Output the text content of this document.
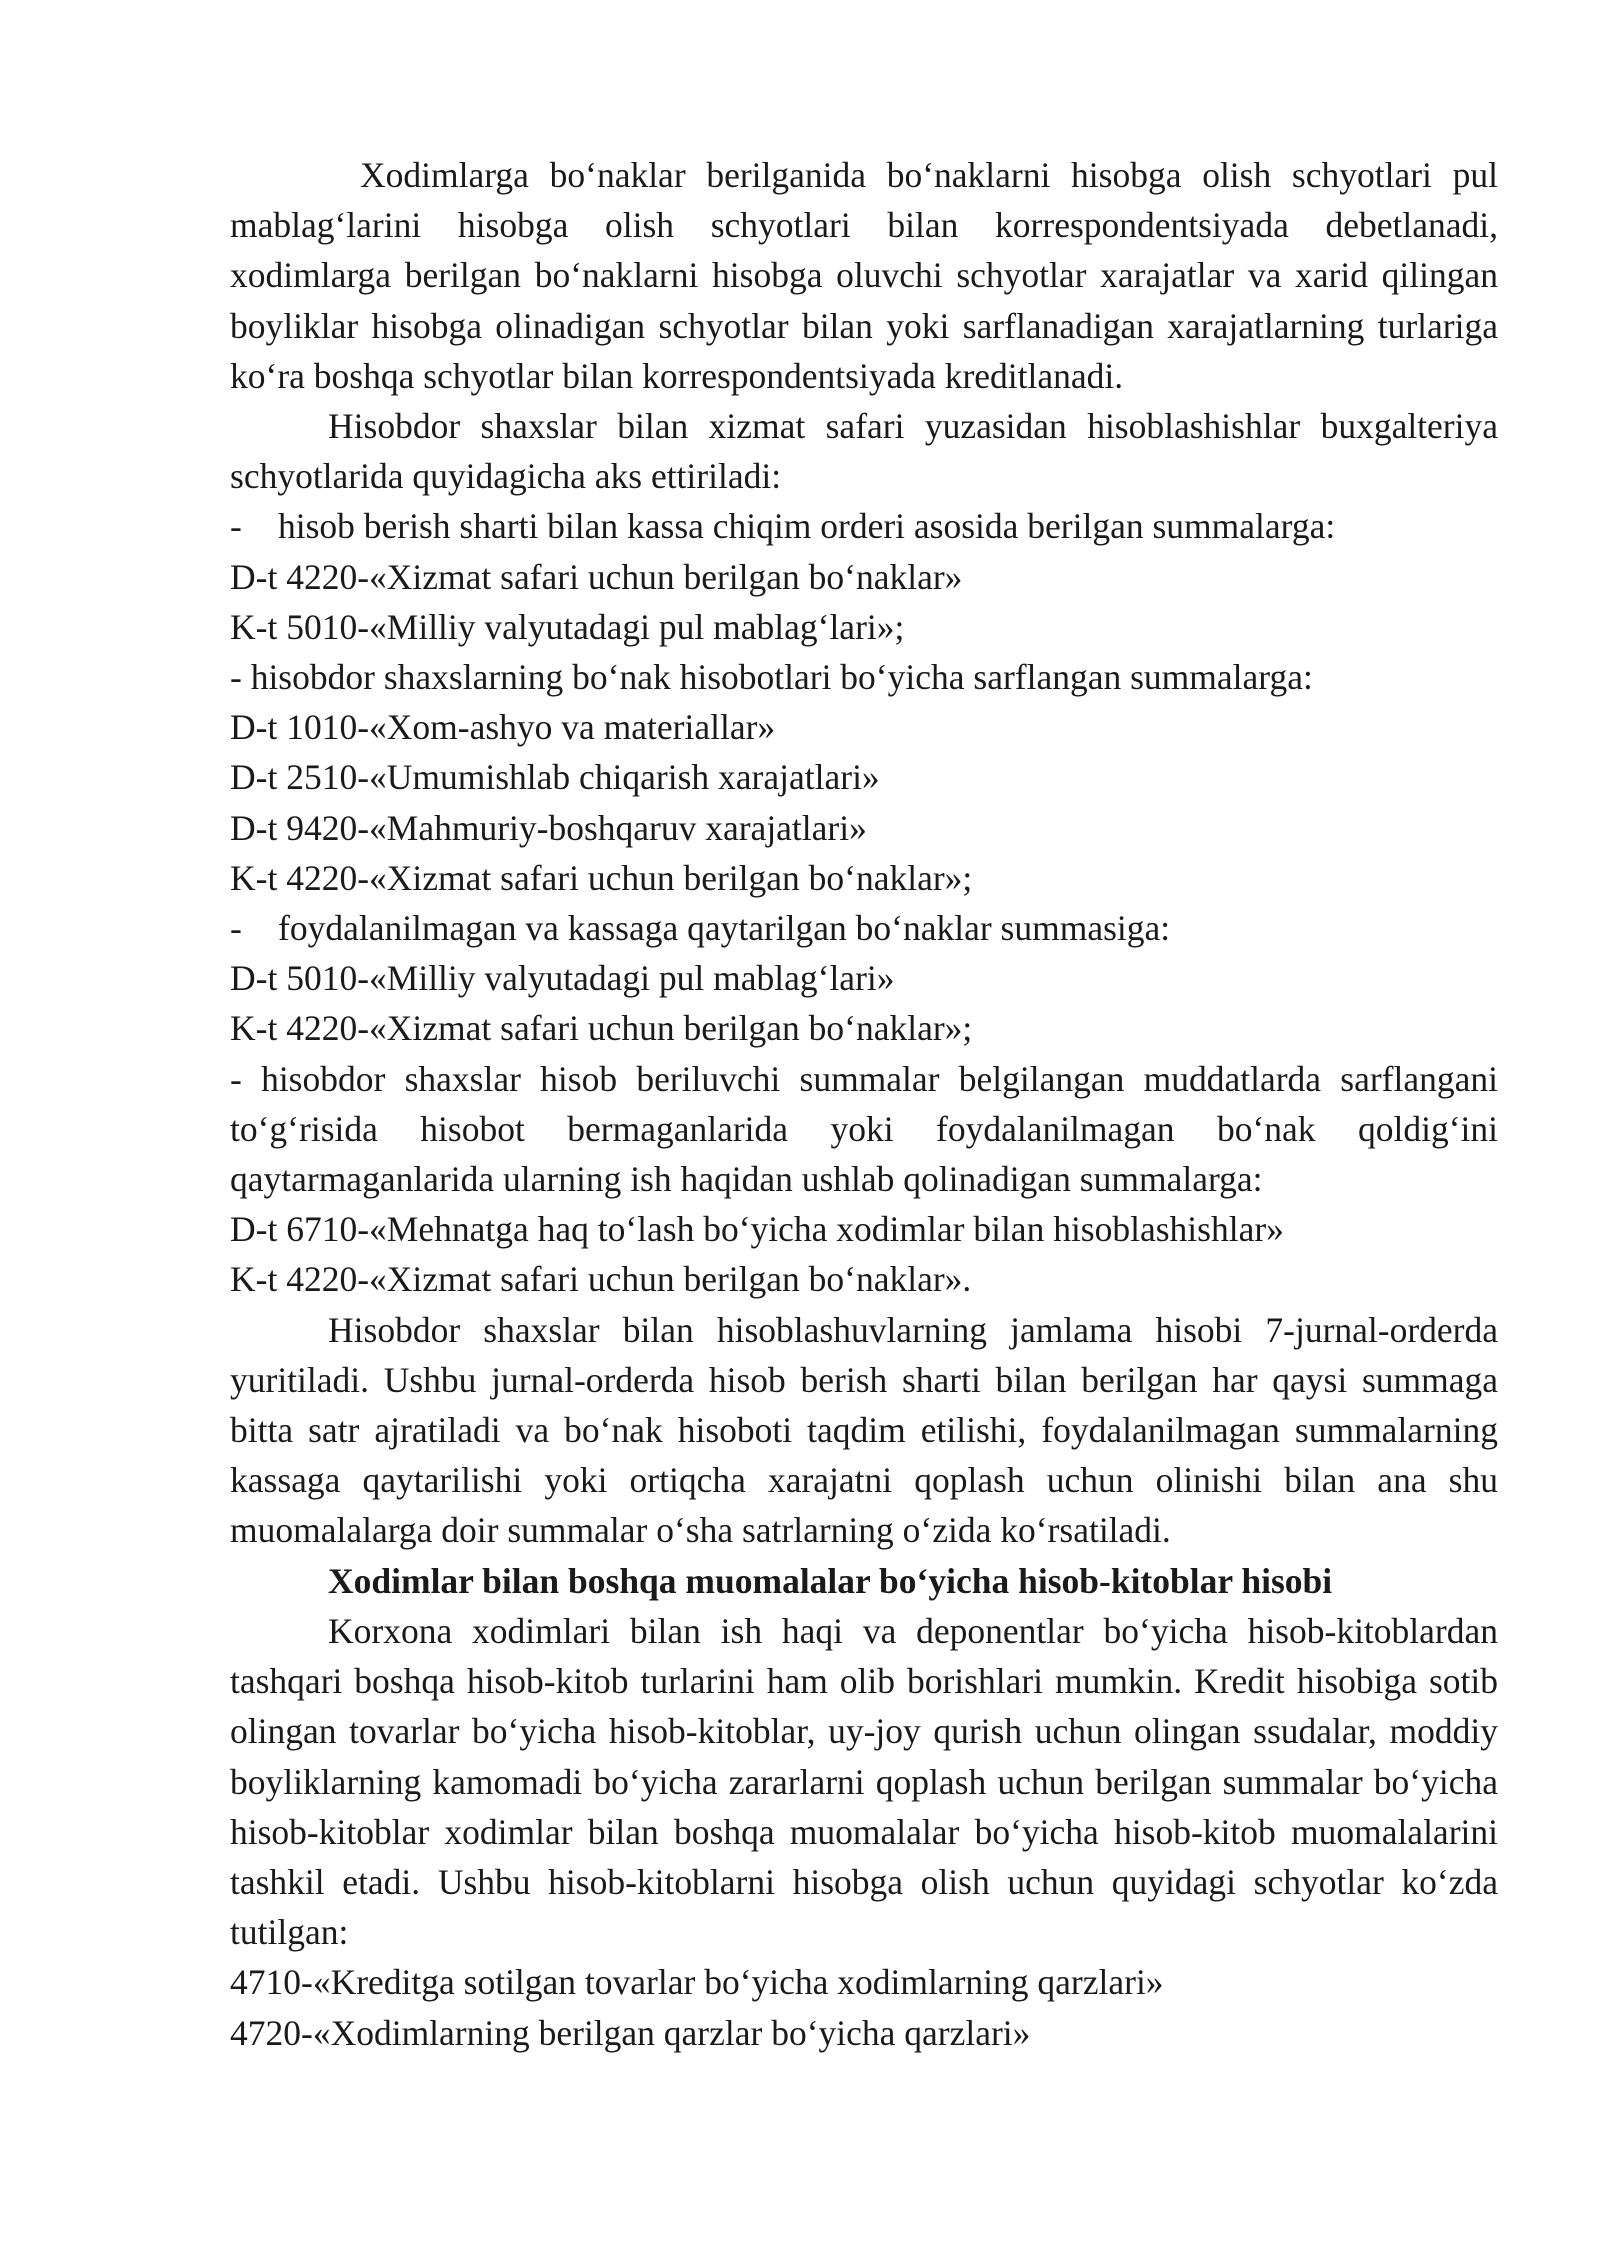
Xodimlarga bo‘naklar berilganida bo‘naklarni hisobga olish schyotlari pul mablag‘larini hisobga olish schyotlari bilan korrespondentsiyada debetlanadi, xodimlarga berilgan bo‘naklarni hisobga oluvchi schyotlar xarajatlar va xarid qilingan boyliklar hisobga olinadigan schyotlar bilan yoki sarflanadigan xarajatlarning turlariga ko‘ra boshqa schyotlar bilan korrespondentsiyada kreditlanadi.

Hisobdor shaxslar bilan xizmat safari yuzasidan hisoblashishlar buxgalteriya schyotlarida quyidagicha aks ettiriladi:

- hisob berish sharti bilan kassa chiqim orderi asosida berilgan summalarga:

D-t 4220-«Xizmat safari uchun berilgan bo‘naklar»

K-t 5010-«Milliy valyutadagi pul mablag‘lari»;

- hisobdor shaxslarning bo‘nak hisobotlari bo‘yicha sarflangan summalarga:

D-t 1010-«Xom-ashyo va materiallar»

D-t 2510-«Umumishlab chiqarish xarajatlari»

D-t 9420-«Mahmuriy-boshqaruv xarajatlari»

K-t 4220-«Xizmat safari uchun berilgan bo‘naklar»;

- foydalanilmagan va kassaga qaytarilgan bo‘naklar summasiga:

D-t 5010-«Milliy valyutadagi pul mablag‘lari»

K-t 4220-«Xizmat safari uchun berilgan bo‘naklar»;

- hisobdor shaxslar hisob beriluvchi summalar belgilangan muddatlarda sarflangani to‘g‘risida hisobot bermaganlarida yoki foydalanilmagan bo‘nak qoldig‘ini qaytarmaganlarida ularning ish haqidan ushlab qolinadigan summalarga:

D-t 6710-«Mehnatga haq to‘lash bo‘yicha xodimlar bilan hisoblashishlar»

K-t 4220-«Xizmat safari uchun berilgan bo‘naklar».

Hisobdor shaxslar bilan hisoblashuvlarning jamlama hisobi 7-jurnal-orderda yuritiladi. Ushbu jurnal-orderda hisob berish sharti bilan berilgan har qaysi summaga bitta satr ajratiladi va bo‘nak hisoboti taqdim etilishi, foydalanilmagan summalarning kassaga qaytarilishi yoki ortiqcha xarajatni qoplash uchun olinishi bilan ana shu muomalalarga doir summalar o‘sha satrlarning o‘zida ko‘rsatiladi.

Xodimlar bilan boshqa muomalalar bo‘yicha hisob-kitoblar hisobi

Korxona xodimlari bilan ish haqi va deponentlar bo‘yicha hisob-kitoblardan tashqari boshqa hisob-kitob turlarini ham olib borishlari mumkin. Kredit hisobiga sotib olingan tovarlar bo‘yicha hisob-kitoblar, uy-joy qurish uchun olingan ssudalar, moddiy boyliklarning kamomadi bo‘yicha zararlarni qoplash uchun berilgan summalar bo‘yicha hisob-kitoblar xodimlar bilan boshqa muomalalar bo‘yicha hisob-kitob muomalalarini tashkil etadi. Ushbu hisob-kitoblarni hisobga olish uchun quyidagi schyotlar ko‘zda tutilgan:

4710-«Kreditga sotilgan tovarlar bo‘yicha xodimlarning qarzlari»

4720-«Xodimlarning berilgan qarzlar bo‘yicha qarzlari»
